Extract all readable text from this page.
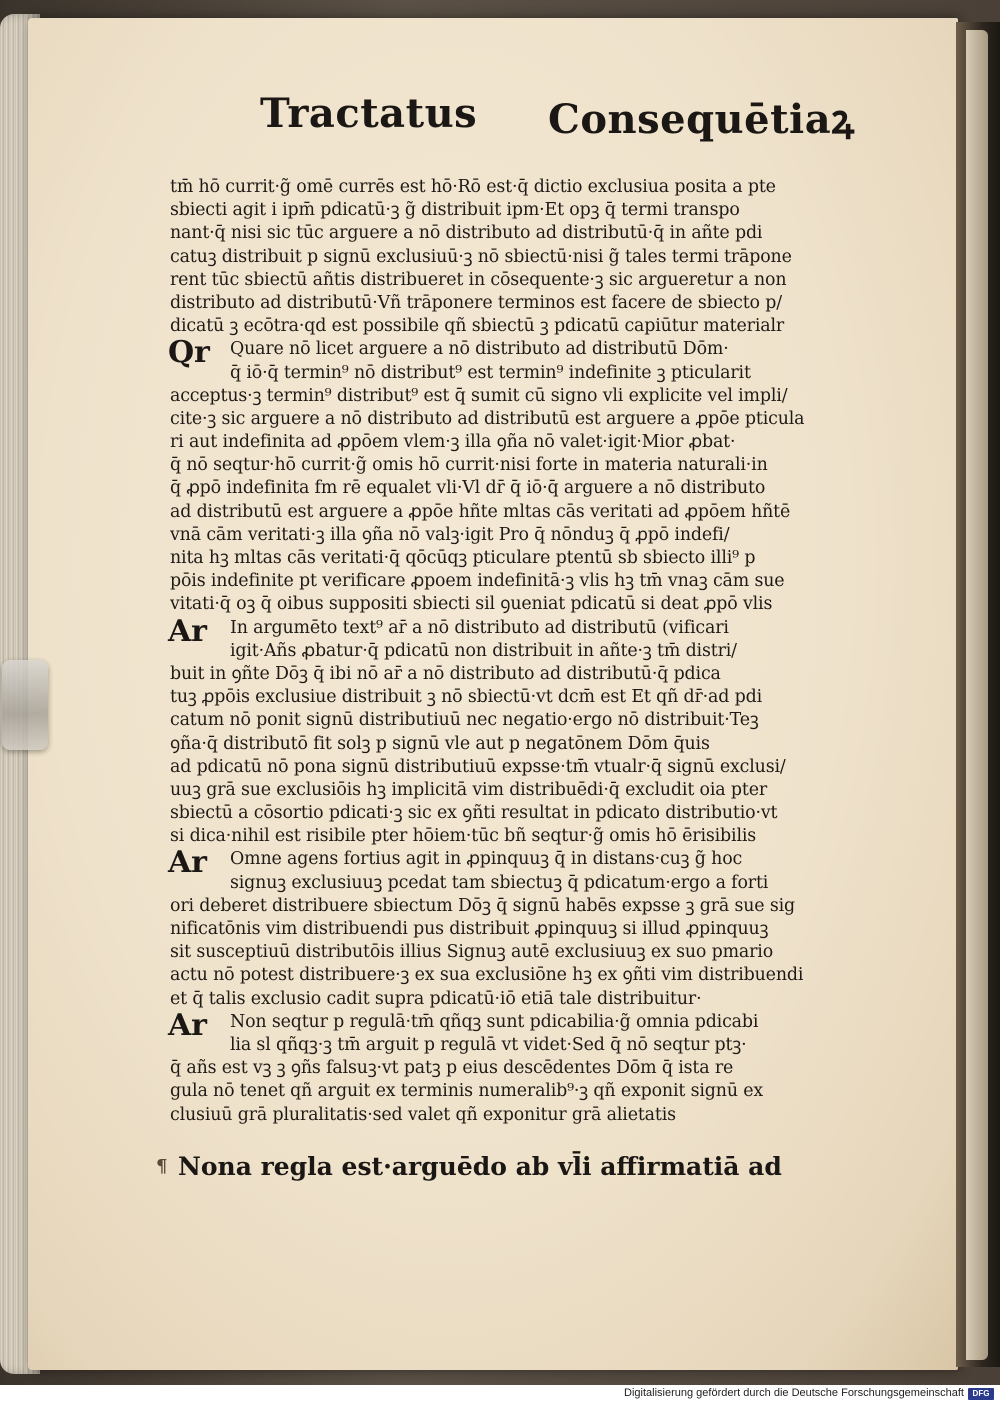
Tractatus Consequētiaꝝ
tm̄ hō currit·g̃ omē currēs est hō·Rō est·q̄ dictio exclusiua posita a pte
sbiecti agit i ipm̄ pdicatū·ꝫ g̃ distribuit ipm·Et opꝫ q̄ termi transpo
nant·q̄ nisi sic tūc arguere a nō distributo ad distributū·q̄ in añte pdi
catuꝫ distribuit p signū exclusiuū·ꝫ nō sbiectū·nisi g̃ tales termi trāpone
rent tūc sbiectū añtis distribueret in cōsequente·ꝫ sic argueretur a non
distributo ad distributū·Vñ trāponere terminos est facere de sbiecto p/
dicatū ꝫ ecōtra·qd̄ est possibile qñ sbiectū ꝫ pdicatū capiūtur materialr
Qr	Quare nō licet arguere a nō distributo ad distributū Dōm·
q̄ iō·q̄ termin⁹ nō distribut⁹ est termin⁹ indefinite ꝫ pticularit
acceptus·ꝫ termin⁹ distribut⁹ est q̄ sumit cū signo vl̄i explicite vel impli/
cite·ꝫ sic arguere a nō distributo ad distributū est arguere a ꝓpōe pticula
ri aut indefinita ad ꝓpōem vl̄em·ꝫ illa ꝯña nō valet·igit·Mior ꝓbat·
q̄ nō seqtur·hō currit·g̃ omis hō currit·nisi forte in materia naturali·in
q̄ ꝓpō indefinita fm rē equalet vl̄i·Vl̄ dr̄ q̄ iō·q̄ arguere a nō distributo
ad distributū est arguere a ꝓpōe hñte mltas cās veritati ad ꝓpōem hñtē
vnā cām veritati·ꝫ illa ꝯña nō valꝫ·igit Pro q̄ nōnduꝫ q̄ ꝓpō indefi/
nita hꝫ mltas cās veritati·q̄ qōcūqꝫ pticulare ptentū sb sbiecto illi⁹ p
pōis indefinite pt verificare ꝓpoem indefinitā·ꝫ vl̄is hꝫ tm̄ vnaꝫ cām sue
vitati·q̄ oꝫ q̄ oibus suppositi sbiecti sil̄ ꝯueniat pdicatū si deat ꝓpō vl̄is
Ar	In argumēto text⁹ ar̄ a nō distributo ad distributū (vificari
igit·Añs ꝓbatur·q̄ pdicatū non distribuit in añte·ꝫ tm̄ distri/
buit in ꝯñte Dōꝫ q̄ ibi nō ar̄ a nō distributo ad distributū·q̄ pdica
tuꝫ ꝓpōis exclusiue distribuit ꝫ nō sbiectū·vt dcm̄ est Et qñ dr̄·ad pdi
catum nō ponit signū distributiuū nec negatio·ergo nō distribuit·Teꝫ
ꝯña·q̄ distributō fit solꝫ p signū vl̄e aut p negatōnem Dōm q̄uis
ad pdicatū nō pona signū distributiuū expsse·tm̄ vtualr·q̄ signū exclusi/
uuꝫ grā sue exclusiōis hꝫ implicitā vim distribuēdi·q̄ excludit oia pter
sbiectū a cōsortio pdicati·ꝫ sic ex ꝯñti resultat in pdicato distributio·vt
si dica·nihil est risibile pter hōiem·tūc bñ seqtur·g̃ omis hō ērisibilis
Ar	Omne agens fortius agit in ꝓpinquuꝫ q̄ in distans·cuꝫ g̃ hoc
signuꝫ exclusiuuꝫ pcedat tam sbiectuꝫ q̄ pdicatum·ergo a forti
ori deberet distribuere sbiectum Dōꝫ q̄ signū habēs expsse ꝫ grā sue sig
nificatōnis vim distribuendi pus distribuit ꝓpinquuꝫ si illud ꝓpinquuꝫ
sit susceptiuū distributōis illius Signuꝫ autē exclusiuuꝫ ex suo pmario
actu nō potest distribuere·ꝫ ex sua exclusiōne hꝫ ex ꝯñti vim distribuendi
et q̄ talis exclusio cadit supra pdicatū·iō etiā tale distribuitur·
Ar	Non seqtur p regulā·tm̄ qñqꝫ sunt pdicabilia·g̃ omnia pdicabi
lia sl̄ qñqꝫ·ꝫ tm̄ arguit p regulā vt videt·Sed q̄ nō seqtur ptꝫ·
q̄ añs est vꝫ ꝫ ꝯñs falsuꝫ·vt patꝫ p eius descēdentes Dōm q̄ ista re
gula nō tenet qñ arguit ex terminis numeralib⁹·ꝫ qñ exponit signū ex
clusiuū grā pluralitatis·sed valet qñ exponitur grā alietatis
¶ Nona regla est·arguēdo ab vl̄i affirmatiā ad
Digitalisierung gefördert durch die Deutsche Forschungsgemeinschaft	DFG
